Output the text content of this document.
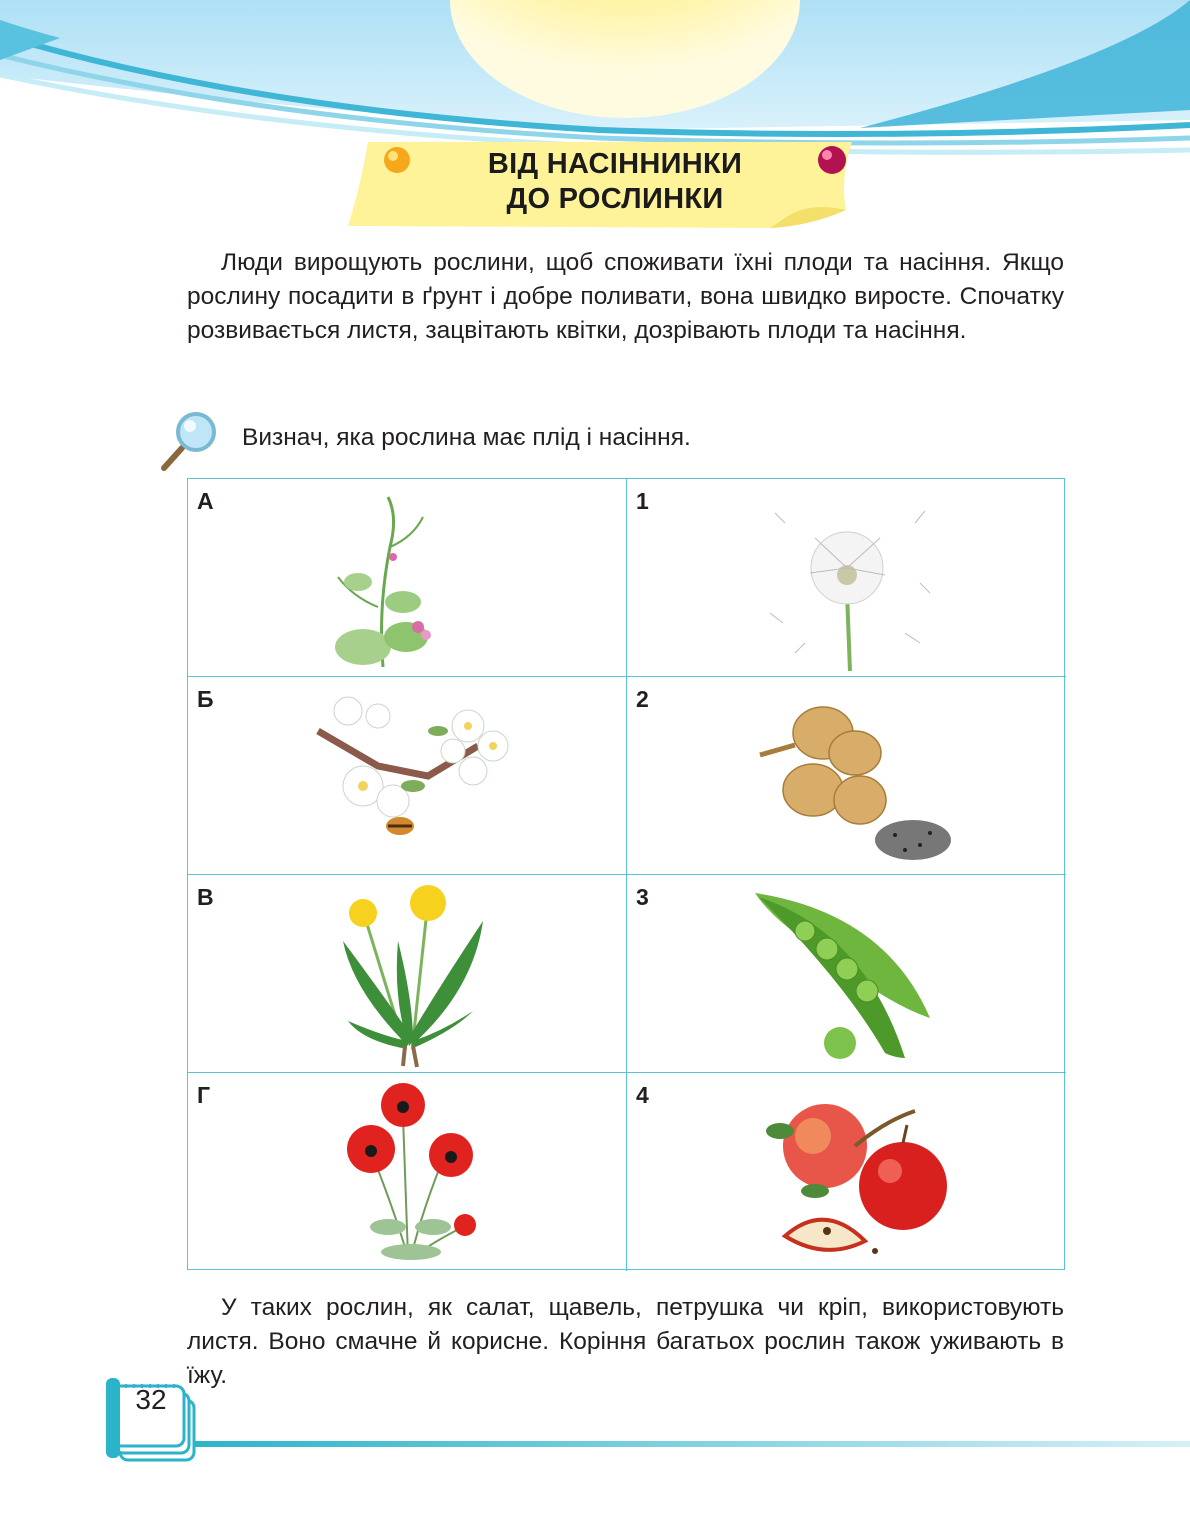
ВІД НАСІННИНКИ
ДО РОСЛИНКИ

Люди вирощують рослини, щоб споживати їхні плоди та насіння. Якщо рослину посадити в ґрунт і добре поливати, вона швидко виросте. Спочатку розвивається листя, зацвітають квітки, дозрівають плоди та насіння.

Визнач, яка рослина має плід і насіння.
А	1
Б	2
В	3
Г	4

У таких рослин, як салат, щавель, петрушка чи кріп, використовують листя. Воно смачне й корисне. Коріння багатьох рослин також уживають в їжу.

32
